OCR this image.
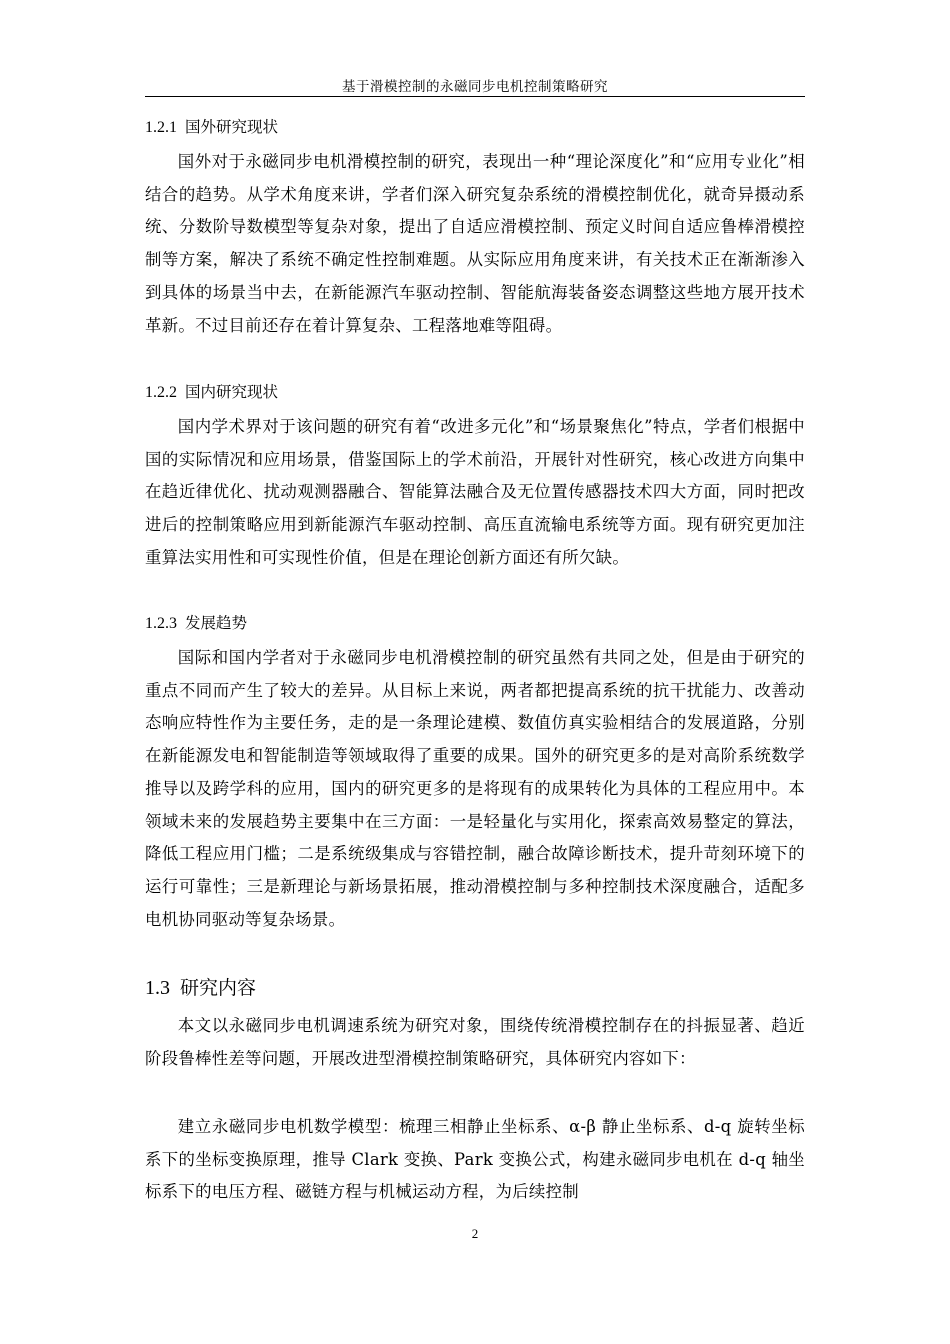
基于滑模控制的永磁同步电机控制策略研究
1.2.1 国外研究现状
国外对于永磁同步电机滑模控制的研究，表现出一种“理论深度化”和“应用专业化”相结合的趋势。从学术角度来讲，学者们深入研究复杂系统的滑模控制优化，就奇异摄动系统、分数阶导数模型等复杂对象，提出了自适应滑模控制、预定义时间自适应鲁棒滑模控制等方案，解决了系统不确定性控制难题。从实际应用角度来讲，有关技术正在渐渐渗入到具体的场景当中去，在新能源汽车驱动控制、智能航海装备姿态调整这些地方展开技术革新。不过目前还存在着计算复杂、工程落地难等阻碍。
1.2.2 国内研究现状
国内学术界对于该问题的研究有着“改进多元化”和“场景聚焦化”特点，学者们根据中国的实际情况和应用场景，借鉴国际上的学术前沿，开展针对性研究，核心改进方向集中在趋近律优化、扰动观测器融合、智能算法融合及无位置传感器技术四大方面，同时把改进后的控制策略应用到新能源汽车驱动控制、高压直流输电系统等方面。现有研究更加注重算法实用性和可实现性价值，但是在理论创新方面还有所欠缺。
1.2.3 发展趋势
国际和国内学者对于永磁同步电机滑模控制的研究虽然有共同之处，但是由于研究的重点不同而产生了较大的差异。从目标上来说，两者都把提高系统的抗干扰能力、改善动态响应特性作为主要任务，走的是一条理论建模、数值仿真实验相结合的发展道路，分别在新能源发电和智能制造等领域取得了重要的成果。国外的研究更多的是对高阶系统数学推导以及跨学科的应用，国内的研究更多的是将现有的成果转化为具体的工程应用中。本领域未来的发展趋势主要集中在三方面：一是轻量化与实用化，探索高效易整定的算法，降低工程应用门槛；二是系统级集成与容错控制，融合故障诊断技术，提升苛刻环境下的运行可靠性；三是新理论与新场景拓展，推动滑模控制与多种控制技术深度融合，适配多电机协同驱动等复杂场景。
1.3 研究内容
本文以永磁同步电机调速系统为研究对象，围绕传统滑模控制存在的抖振显著、趋近阶段鲁棒性差等问题，开展改进型滑模控制策略研究，具体研究内容如下：
建立永磁同步电机数学模型：梳理三相静止坐标系、α-β 静止坐标系、d-q 旋转坐标系下的坐标变换原理，推导 Clark 变换、Park 变换公式，构建永磁同步电机在 d-q 轴坐标系下的电压方程、磁链方程与机械运动方程，为后续控制
2
